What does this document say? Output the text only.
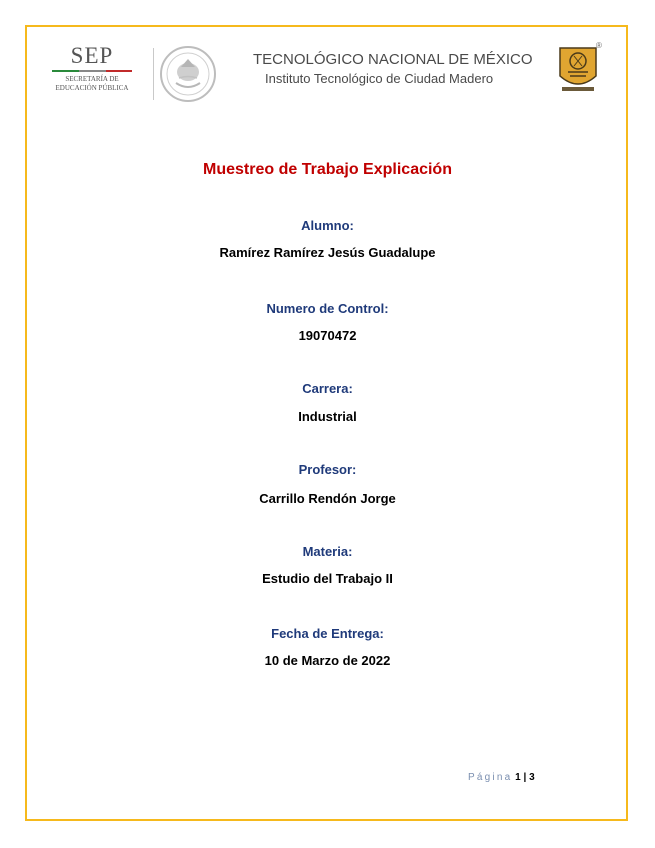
SEP
SECRETARÍA DE
EDUCACIÓN PÚBLICA
TECNOLÓGICO NACIONAL DE MÉXICO
Instituto Tecnológico de Ciudad Madero
®
Muestreo de Trabajo Explicación
Alumno:
Ramírez Ramírez Jesús Guadalupe
Numero de Control:
19070472
Carrera:
Industrial
Profesor:
Carrillo Rendón Jorge
Materia:
Estudio del Trabajo II
Fecha de Entrega:
10 de Marzo de 2022
Página 1 | 3
